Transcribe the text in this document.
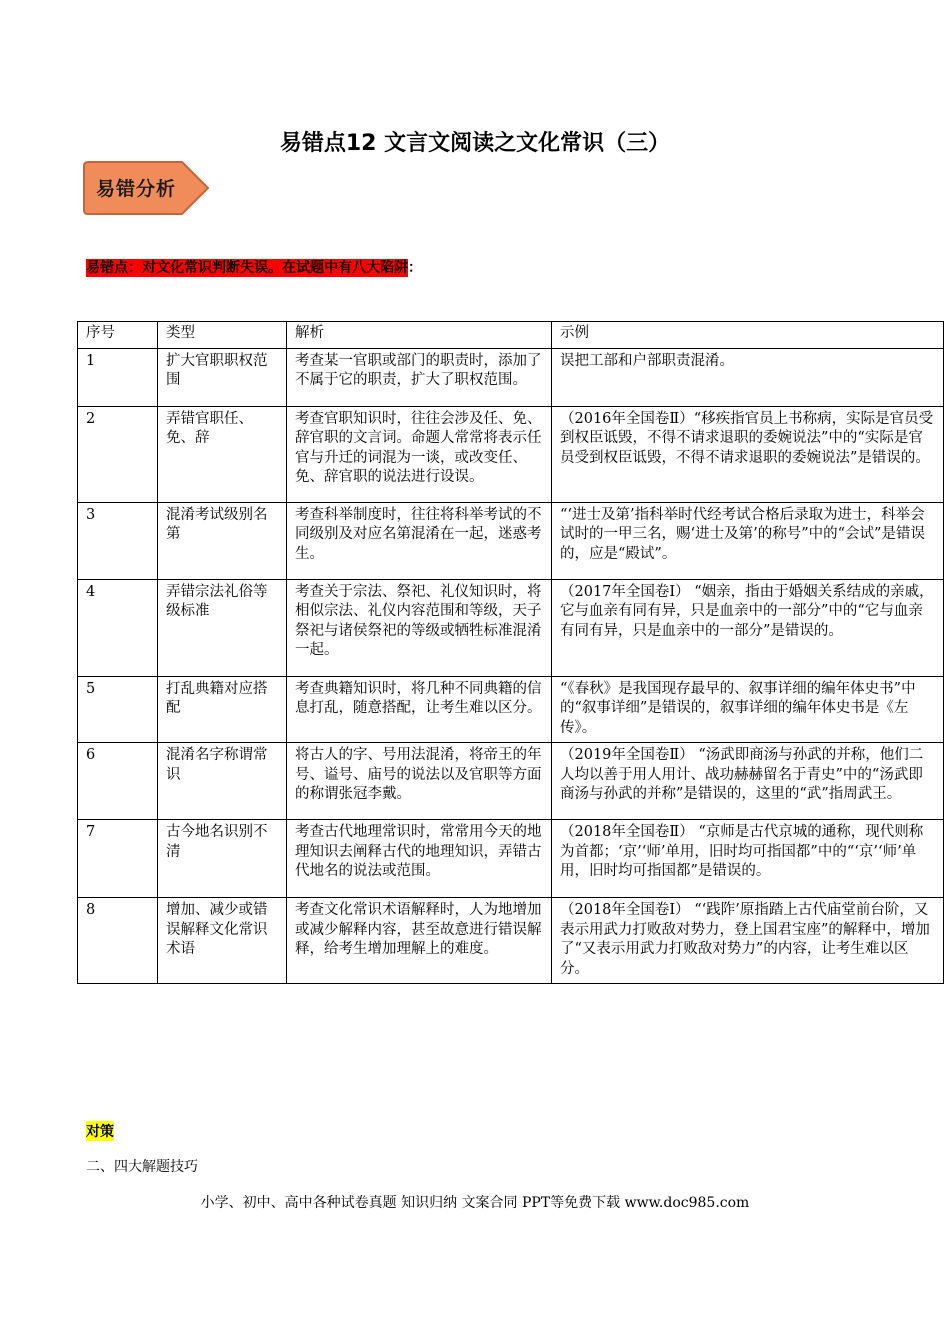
易错点12 文言文阅读之文化常识（三）
易错分析
易错点：对文化常识判断失误。在试题中有八大陷阱：
序号	类型	解析	示例
1	扩大官职职权范围	考查某一官职或部门的职责时，添加了不属于它的职责，扩大了职权范围。	误把工部和户部职责混淆。
2	弄错官职任、免、辞	考查官职知识时，往往会涉及任、免、辞官职的文言词。命题人常常将表示任官与升迁的词混为一谈，或改变任、免、辞官职的说法进行设误。	（2016年全国卷Ⅱ）“移疾指官员上书称病，实际是官员受到权臣诋毁，不得不请求退职的委婉说法”中的“实际是官员受到权臣诋毁，不得不请求退职的委婉说法”是错误的。
3	混淆考试级别名第	考查科举制度时，往往将科举考试的不同级别及对应名第混淆在一起，迷惑考生。	“‘进士及第’指科举时代经考试合格后录取为进士，科举会试时的一甲三名，赐‘进士及第’的称号”中的“会试”是错误的，应是“殿试”。
4	弄错宗法礼俗等级标准	考查关于宗法、祭祀、礼仪知识时，将相似宗法、礼仪内容范围和等级，天子祭祀与诸侯祭祀的等级或牺牲标准混淆一起。	（2017年全国卷Ⅰ） “姻亲，指由于婚姻关系结成的亲戚，它与血亲有同有异，只是血亲中的一部分”中的“它与血亲有同有异，只是血亲中的一部分”是错误的。
5	打乱典籍对应搭配	考查典籍知识时，将几种不同典籍的信息打乱，随意搭配，让考生难以区分。	“《春秋》是我国现存最早的、叙事详细的编年体史书”中的“叙事详细”是错误的，叙事详细的编年体史书是《左传》。
6	混淆名字称谓常识	将古人的字、号用法混淆，将帝王的年号、谥号、庙号的说法以及官职等方面的称谓张冠李戴。	（2019年全国卷Ⅱ） “汤武即商汤与孙武的并称，他们二人均以善于用人用计、战功赫赫留名于青史”中的“汤武即商汤与孙武的并称”是错误的，这里的“武”指周武王。
7	古今地名识别不清	考查古代地理常识时，常常用今天的地理知识去阐释古代的地理知识，弄错古代地名的说法或范围。	（2018年全国卷Ⅱ） “京师是古代京城的通称，现代则称为首都；‘京’‘师’单用，旧时均可指国都”中的“‘京’‘师’单用，旧时均可指国都”是错误的。
8	增加、减少或错误解释文化常识术语	考查文化常识术语解释时，人为地增加或减少解释内容，甚至故意进行错误解释，给考生增加理解上的难度。	（2018年全国卷Ⅰ） “‘践阼’原指踏上古代庙堂前台阶，又表示用武力打败敌对势力，登上国君宝座”的解释中，增加了“又表示用武力打败敌对势力”的内容，让考生难以区分。
对策
二、四大解题技巧
小学、初中、高中各种试卷真题 知识归纳 文案合同 PPT等免费下载 www.doc985.com
